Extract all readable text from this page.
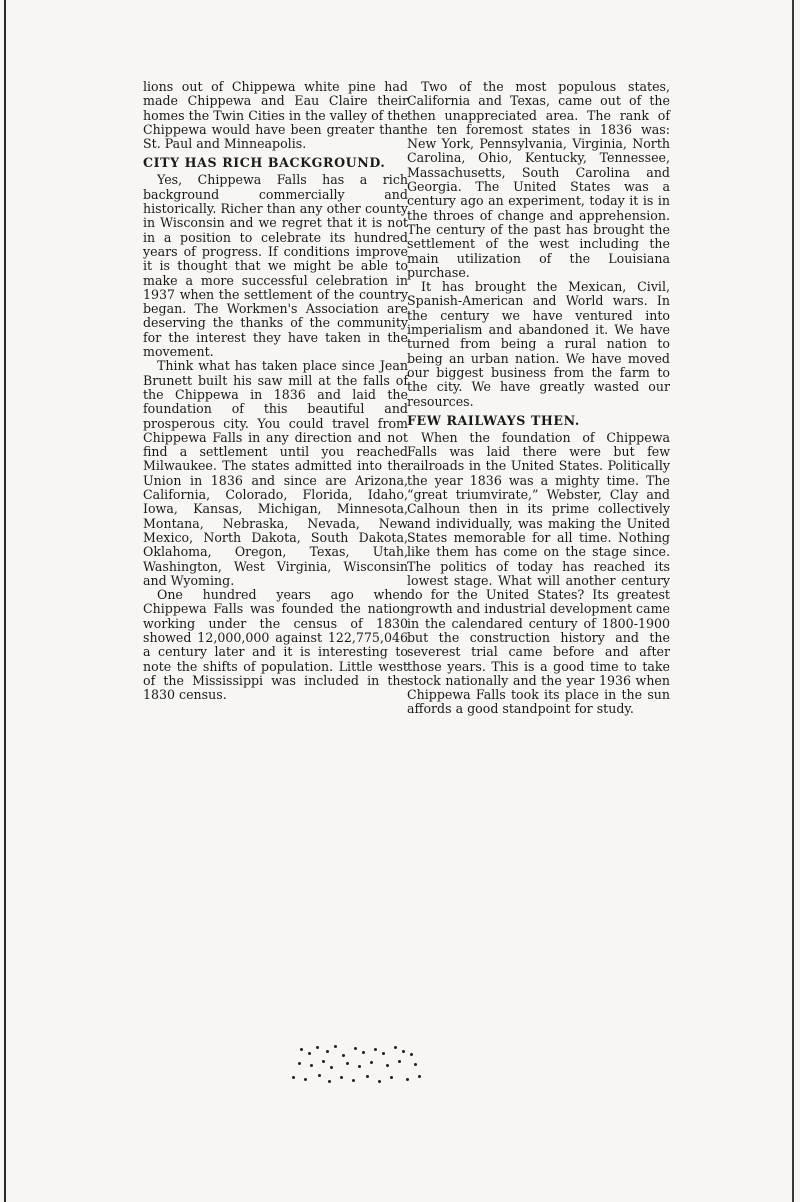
lions out of Chippewa white pine had made Chippewa and Eau Claire their homes the Twin Cities in the valley of the Chippewa would have been greater than St. Paul and Minneapolis.

CITY HAS RICH BACKGROUND.

Yes, Chippewa Falls has a rich background commercially and historically. Richer than any other county in Wisconsin and we regret that it is not in a position to celebrate its hundred years of progress. If conditions improve it is thought that we might be able to make a more successful celebration in 1937 when the settlement of the country began. The Workmen's Association are deserving the thanks of the community for the interest they have taken in the movement.

Think what has taken place since Jean Brunett built his saw mill at the falls of the Chippewa in 1836 and laid the foundation of this beautiful and prosperous city. You could travel from Chippewa Falls in any direction and not find a settlement until you reached Milwaukee. The states admitted into the Union in 1836 and since are Arizona, California, Colorado, Florida, Idaho, Iowa, Kansas, Michigan, Minnesota, Montana, Nebraska, Nevada, New Mexico, North Dakota, South Dakota, Oklahoma, Oregon, Texas, Utah, Washington, West Virginia, Wisconsin and Wyoming.

One hundred years ago when Chippewa Falls was founded the nation working under the census of 1830 showed 12,000,000 against 122,775,046 a century later and it is interesting to note the shifts of population. Little west of the Mississippi was included in the 1830 census.

Two of the most populous states, California and Texas, came out of the then unappreciated area. The rank of the ten foremost states in 1836 was: New York, Pennsylvania, Virginia, North Carolina, Ohio, Kentucky, Tennessee, Massachusetts, South Carolina and Georgia. The United States was a century ago an experiment, today it is in the throes of change and apprehension. The century of the past has brought the settlement of the west including the main utilization of the Louisiana purchase.

It has brought the Mexican, Civil, Spanish-American and World wars. In the century we have ventured into imperialism and abandoned it. We have turned from being a rural nation to being an urban nation. We have moved our biggest business from the farm to the city. We have greatly wasted our resources.

FEW RAILWAYS THEN.

When the foundation of Chippewa Falls was laid there were but few railroads in the United States. Politically the year 1836 was a mighty time. The “great triumvirate,” Webster, Clay and Calhoun then in its prime collectively and individually, was making the United States memorable for all time. Nothing like them has come on the stage since. The politics of today has reached its lowest stage. What will another century do for the United States? Its greatest growth and industrial development came in the calendared century of 1800-1900 but the construction history and the severest trial came before and after those years. This is a good time to take stock nationally and the year 1936 when Chippewa Falls took its place in the sun affords a good standpoint for study.
